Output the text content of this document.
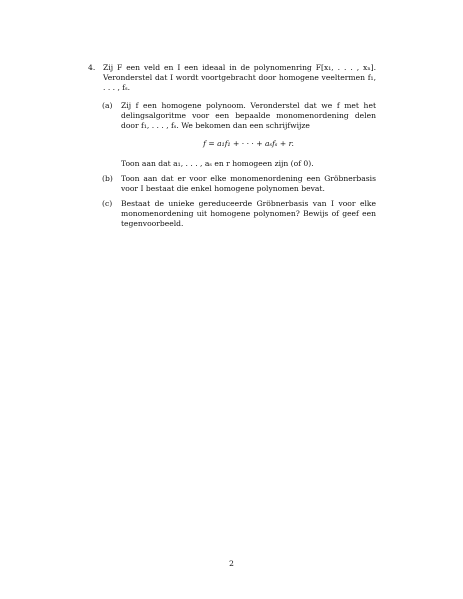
4.	Zij F een veld en I een ideaal in de polynomenring F[x₁, . . . , xₙ]. Veronderstel dat I wordt voortgebracht door homogene veeltermen f₁, . . . , fₛ.
(a)	Zij f een homogene polynoom. Veronderstel dat we f met het delingsalgoritme voor een bepaalde monomenordening delen door f₁, . . . , fₛ. We bekomen dan een schrijfwijze

f = a₁f₁ + · · · + aₛfₛ + r.

Toon aan dat a₁, . . . , aₛ en r homogeen zijn (of 0).

(b)	Toon aan dat er voor elke monomenordening een Gröbnerbasis voor I bestaat die enkel homogene polynomen bevat.

(c)	Bestaat de unieke gereduceerde Gröbnerbasis van I voor elke monomenordening uit homogene polynomen? Bewijs of geef een tegenvoorbeeld.

2
